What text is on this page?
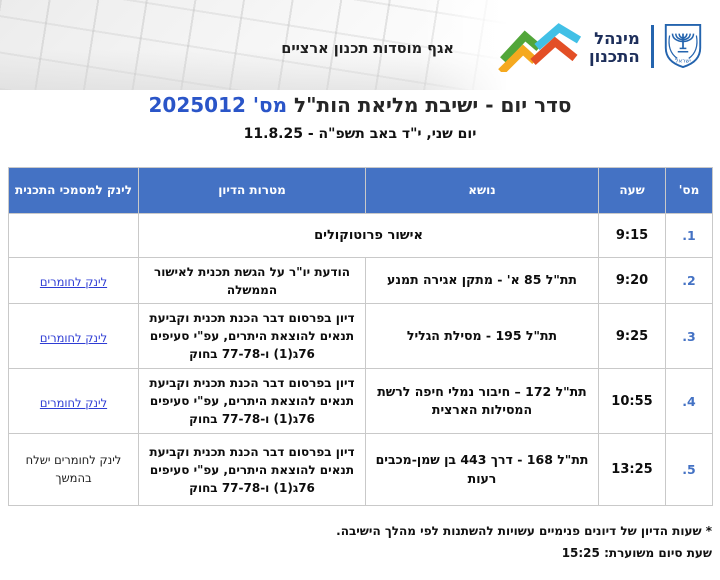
אגף מוסדות תכנון ארציים
מינהל
התכנון	ישראל
סדר יום - ישיבת מליאת הות"ל מס' 2025012
יום שני, י"ד באב תשפ"ה - 11.8.25
מס'	שעה	נושא	מטרות הדיון	לינק למסמכי התכנית
.1	9:15	אישור פרוטוקולים		
.2	9:20	תת"ל 85 א' - מתקן אגירה תמנע	הודעת יו"ר על הגשת תכנית לאישור הממשלה	לינק לחומרים
.3	9:25	תת"ל 195 - מסילת הגליל	דיון בפרסום דבר הכנת תכנית וקביעת תנאים להוצאת היתרים, עפ"י סעיפים 76ג(1) ו-77-78 בחוק	לינק לחומרים
.4	10:55	תת"ל 172 – חיבור נמלי חיפה לרשת המסילות הארצית	דיון בפרסום דבר הכנת תכנית וקביעת תנאים להוצאת היתרים, עפ"י סעיפים 76ג(1) ו-77-78 בחוק	לינק לחומרים
.5	13:25	תת"ל 168 - דרך 443 בן שמן-מכבים רעות	דיון בפרסום דבר הכנת תכנית וקביעת תנאים להוצאת היתרים, עפ"י סעיפים 76ג(1) ו-77-78 בחוק	לינק לחומרים ישלח בהמשך
* שעות הדיון של דיונים פנימיים עשויות להשתנות לפי מהלך הישיבה.
שעת סיום משוערת: 15:25
